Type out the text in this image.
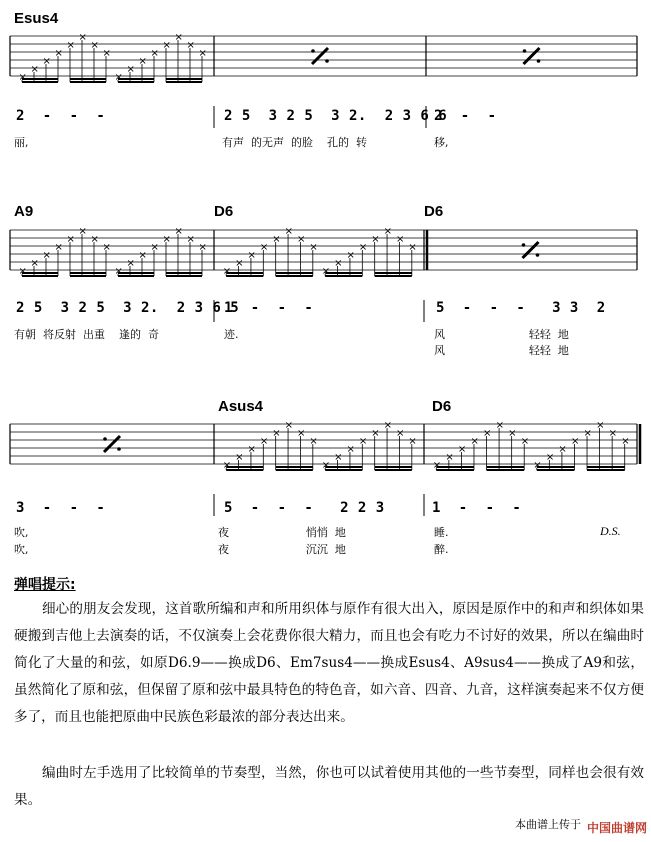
×
×
×
×
×
×
×
×
×
×
×
×
×
×
×
×
×
×
×
×
×
×
×
×
×
×
×
×
×
×
×
×
×
×
×
×
×
×
×
×
×
×
×
×
×
×
×
×
×
×
×
×
×
×
×
×
×
×
×
×
×
×
×
×
×
×
×
×
×
×
×
×
×
×
×
×
×
×
×
×
Esus4
2  -  -  -	2 5  3 2 5  3 2.  2 3 6 6
2  -  -
丽,	有声  的无声  的脸    孔的  转	移,
A9	D6	D6
2 5  3 2 5  3 2.  2 3 6 5
1  -  -  -	5  -  -  -   3 3  2
有朝  将反射  出重    逢的  奇	迹.	风                        轻轻  地
风                        轻轻  地
Asus4	D6
3  -  -  -	5  -  -  -   2 2 3	1  -  -  -
吹,	夜                      悄悄  地	睡.
吹,	夜                      沉沉  地	醉.
D.S.
弹唱提示:
细心的朋友会发现，这首歌所编和声和所用织体与原作有很大出入，原因是原作中的和声和织体如果硬搬到吉他上去演奏的话，不仅演奏上会花费你很大精力，而且也会有吃力不讨好的效果，所以在编曲时简化了大量的和弦，如原D6.9——换成D6、Em7sus4——换成Esus4、A9sus4——换成了A9和弦，虽然简化了原和弦，但保留了原和弦中最具特色的特色音，如六音、四音、九音，这样演奏起来不仅方便多了，而且也能把原曲中民族色彩最浓的部分表达出来。
编曲时左手选用了比较简单的节奏型，当然，你也可以试着使用其他的一些节奏型，同样也会很有效果。
本曲谱上传于 中国曲谱网
